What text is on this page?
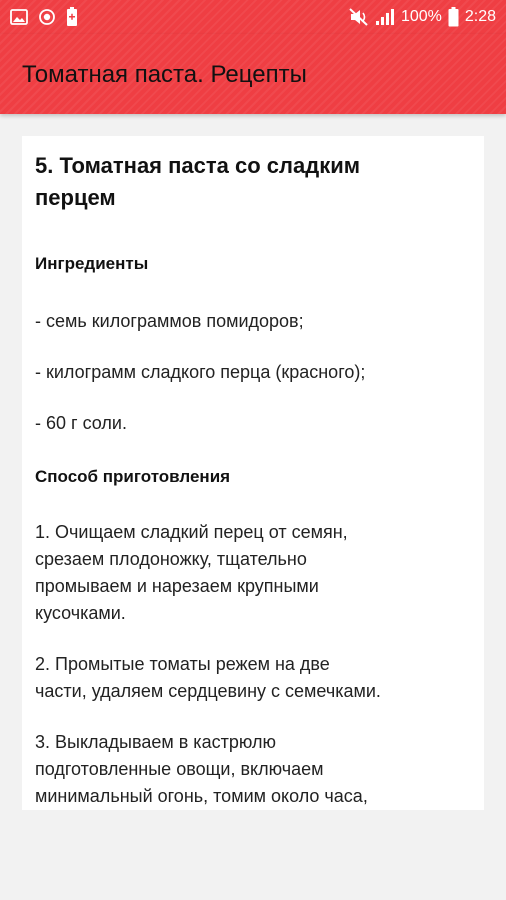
100% 2:28
Томатная паста. Рецепты

5. Томатная паста со сладким
перцем

Ингредиенты

- семь килограммов помидоров;

- килограмм сладкого перца (красного);

- 60 г соли.

Способ приготовления

1. Очищаем сладкий перец от семян,
срезаем плодоножку, тщательно
промываем и нарезаем крупными
кусочками.

2. Промытые томаты режем на две
части, удаляем сердцевину с семечками.

3. Выкладываем в кастрюлю
подготовленные овощи, включаем
минимальный огонь, томим около часа,
